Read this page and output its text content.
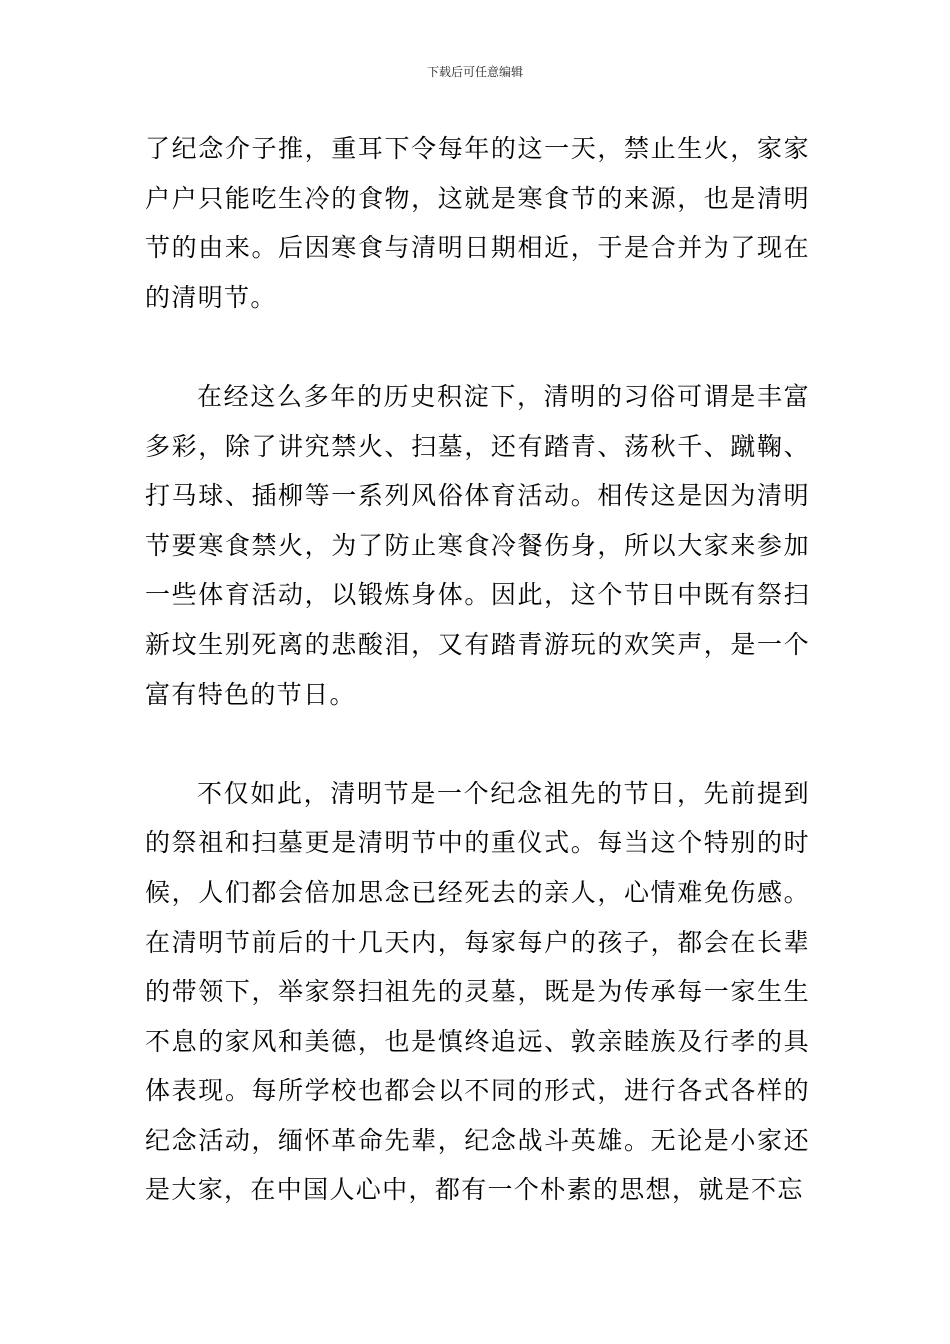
下载后可任意编辑

了纪念介子推，重耳下令每年的这一天，禁止生火，家家户户只能吃生冷的食物，这就是寒食节的来源，也是清明节的由来。后因寒食与清明日期相近，于是合并为了现在的清明节。

在经这么多年的历史积淀下，清明的习俗可谓是丰富多彩，除了讲究禁火、扫墓，还有踏青、荡秋千、蹴鞠、打马球、插柳等一系列风俗体育活动。相传这是因为清明节要寒食禁火，为了防止寒食冷餐伤身，所以大家来参加一些体育活动，以锻炼身体。因此，这个节日中既有祭扫新坟生别死离的悲酸泪，又有踏青游玩的欢笑声，是一个富有特色的节日。

不仅如此，清明节是一个纪念祖先的节日，先前提到的祭祖和扫墓更是清明节中的重仪式。每当这个特别的时候，人们都会倍加思念已经死去的亲人，心情难免伤感。在清明节前后的十几天内，每家每户的孩子，都会在长辈的带领下，举家祭扫祖先的灵墓，既是为传承每一家生生不息的家风和美德，也是慎终追远、敦亲睦族及行孝的具体表现。每所学校也都会以不同的形式，进行各式各样的纪念活动，缅怀革命先辈，纪念战斗英雄。无论是小家还是大家，在中国人心中，都有一个朴素的思想，就是不忘
